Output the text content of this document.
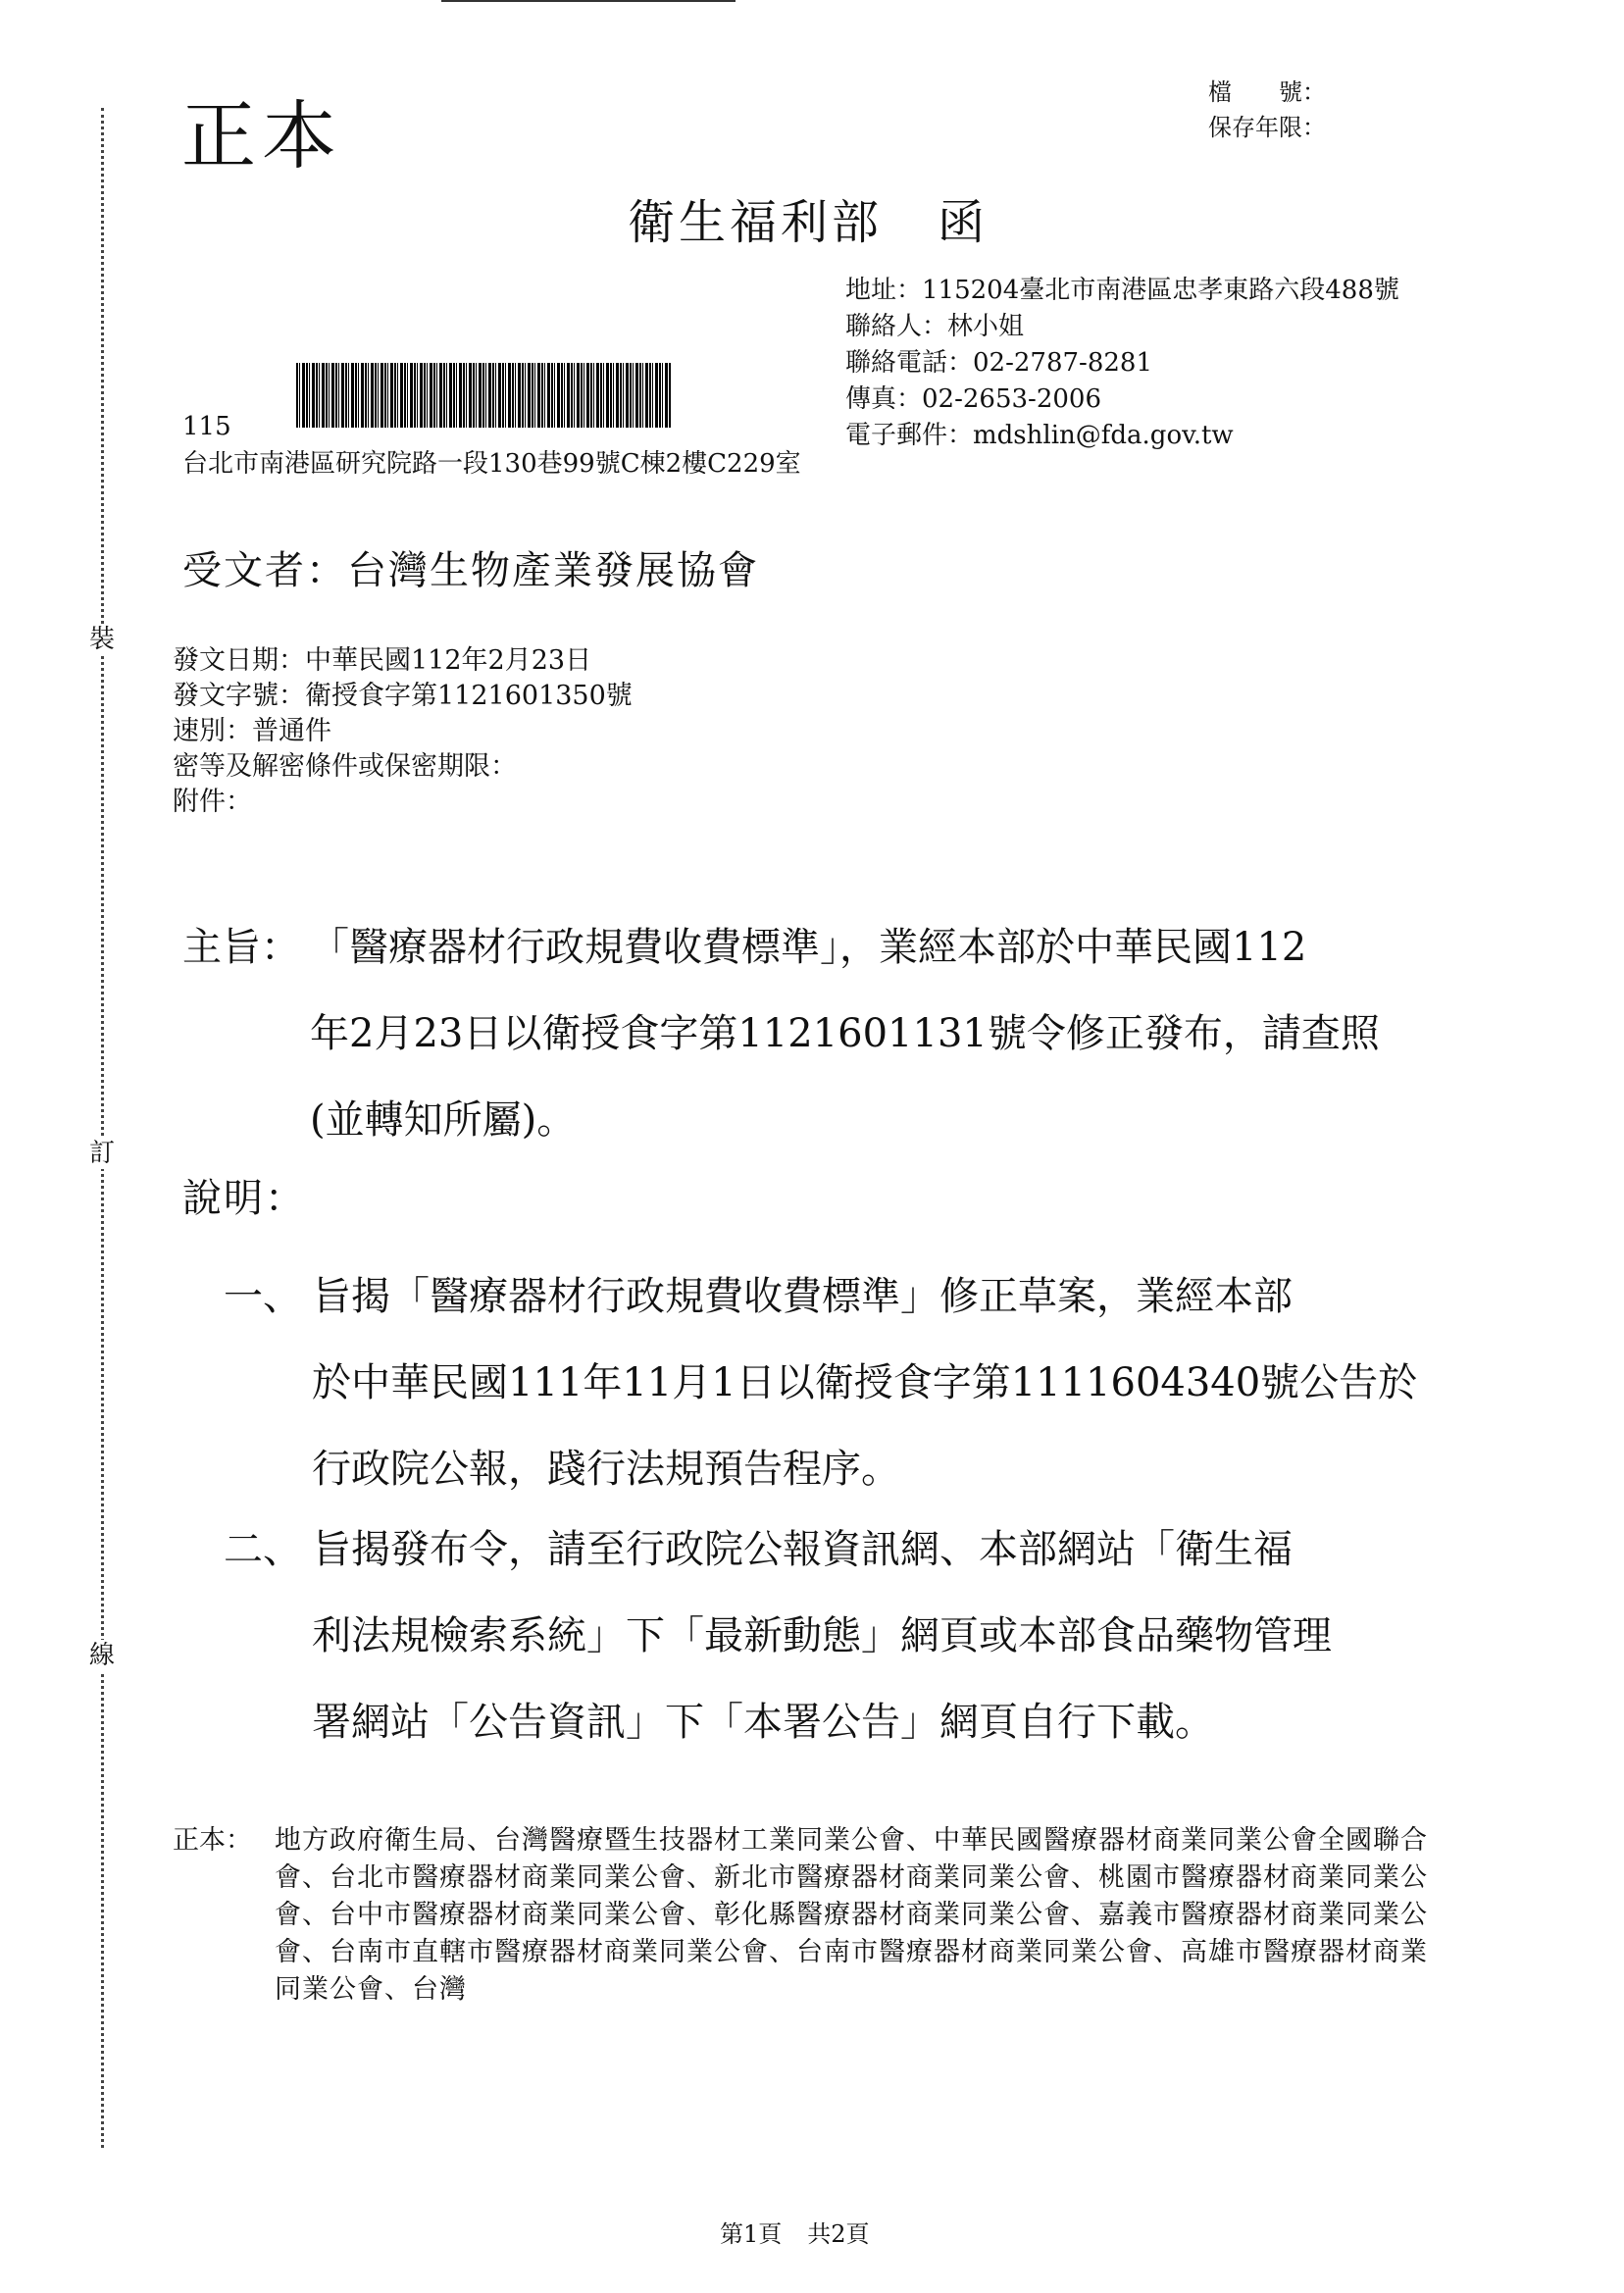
裝
訂
線
正本	檔　　號：
保存年限：
衛生福利部 函
地址：115204臺北市南港區忠孝東路六段488號
聯絡人：林小姐
聯絡電話：02-2787-8281
傳真：02-2653-2006
電子郵件：mdshlin@fda.gov.tw
115
台北市南港區研究院路一段130巷99號C棟2樓C229室
受文者：台灣生物產業發展協會
發文日期：中華民國112年2月23日
發文字號：衛授食字第1121601350號
速別：普通件
密等及解密條件或保密期限：
附件：
主旨： 「醫療器材行政規費收費標準」，業經本部於中華民國112
年2月23日以衛授食字第1121601131號令修正發布，請查照
(並轉知所屬)。
說明：
一、 旨揭「醫療器材行政規費收費標準」修正草案，業經本部
於中華民國111年11月1日以衛授食字第1111604340號公告於
行政院公報，踐行法規預告程序。
二、 旨揭發布令，請至行政院公報資訊網、本部網站「衛生福
利法規檢索系統」下「最新動態」網頁或本部食品藥物管理
署網站「公告資訊」下「本署公告」網頁自行下載。
正本： 地方政府衛生局、台灣醫療暨生技器材工業同業公會、中華民國醫療器材商業同業公會全國聯合會、台北市醫療器材商業同業公會、新北市醫療器材商業同業公會、桃園市醫療器材商業同業公會、台中市醫療器材商業同業公會、彰化縣醫療器材商業同業公會、嘉義市醫療器材商業同業公會、台南市直轄市醫療器材商業同業公會、台南市醫療器材商業同業公會、高雄市醫療器材商業同業公會、台灣
第1頁 共2頁
